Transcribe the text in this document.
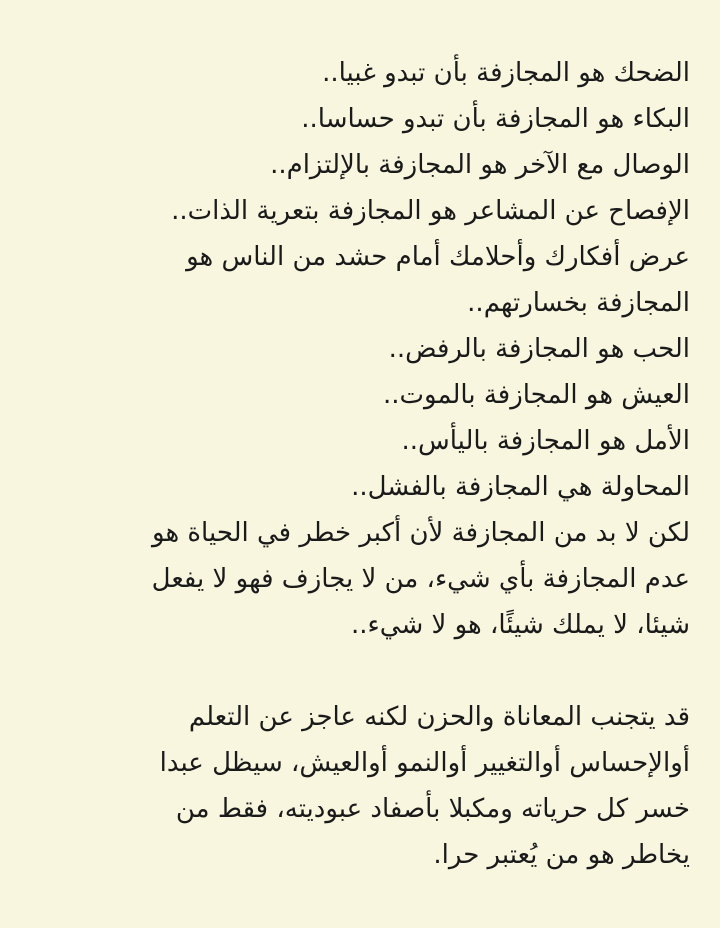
الضحك هو المجازفة بأن تبدو غبيا..
البكاء هو المجازفة بأن تبدو حساسا..
الوصال مع الآخر هو المجازفة بالإلتزام..
الإفصاح عن المشاعر هو المجازفة بتعرية الذات..
عرض أفكارك وأحلامك أمام حشد من الناس هو
المجازفة بخسارتهم..
الحب هو المجازفة بالرفض..
العيش هو المجازفة بالموت..
الأمل هو المجازفة باليأس..
المحاولة هي المجازفة بالفشل..
لكن لا بد من المجازفة لأن أكبر خطر في الحياة هو
عدم المجازفة بأي شيء، من لا يجازف فهو لا يفعل
شيئا، لا يملك شيئًا، هو لا شيء..
قد يتجنب المعاناة والحزن لكنه عاجز عن التعلم
أوالإحساس أوالتغيير أوالنمو أوالعيش، سيظل عبدا
خسر كل حرياته ومكبلا بأصفاد عبوديته، فقط من
يخاطر هو من يُعتبر حرا.
